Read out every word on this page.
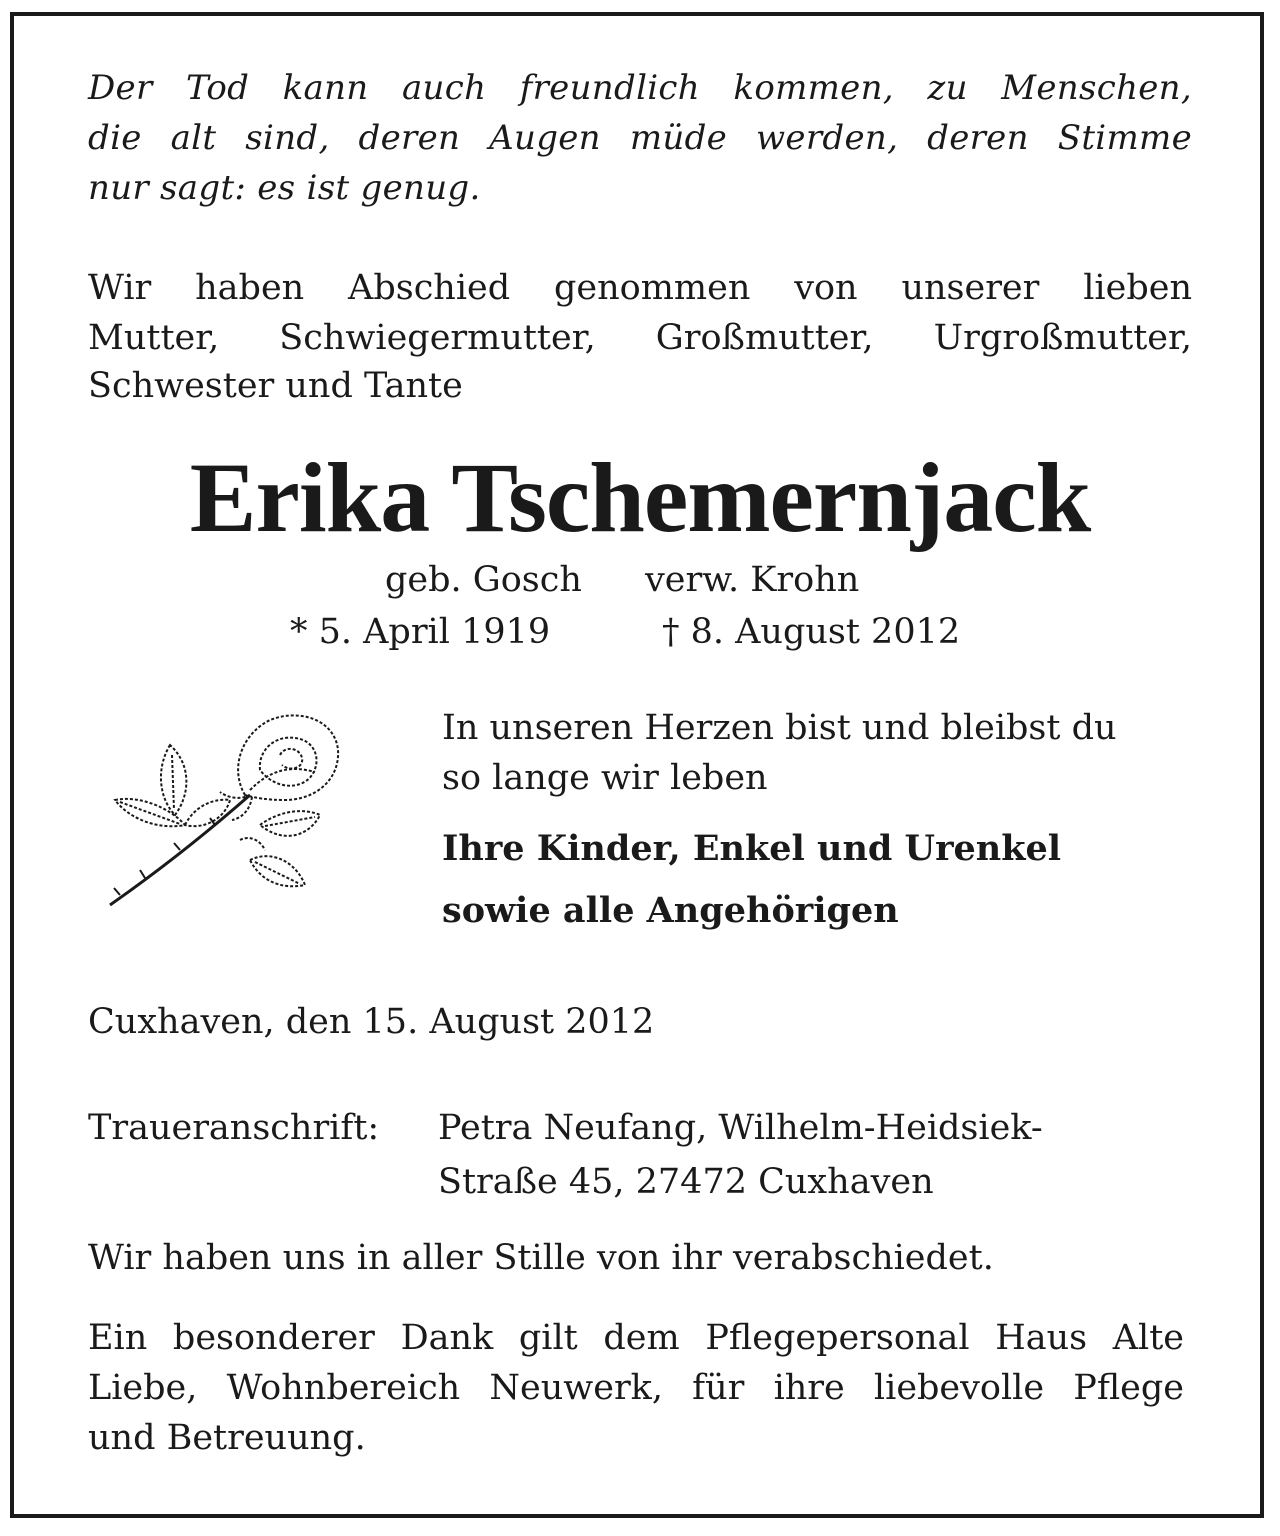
Der Tod kann auch freundlich kommen, zu Menschen,
die alt sind, deren Augen müde werden, deren Stimme
nur sagt: es ist genug.
Wir haben Abschied genommen von unserer lieben
Mutter, Schwiegermutter, Großmutter, Urgroßmutter,
Schwester und Tante
Erika Tschemernjack
geb. Gosch verw. Krohn
* 5. April 1919	† 8. August 2012
In unseren Herzen bist und bleibst du
so lange wir leben
Ihre Kinder, Enkel und Urenkel
sowie alle Angehörigen
Cuxhaven, den 15. August 2012
Traueranschrift: Petra Neufang, Wilhelm-Heidsiek-
Straße 45, 27472 Cuxhaven
Wir haben uns in aller Stille von ihr verabschiedet.
Ein besonderer Dank gilt dem Pflegepersonal Haus Alte
Liebe, Wohnbereich Neuwerk, für ihre liebevolle Pflege
und Betreuung.
